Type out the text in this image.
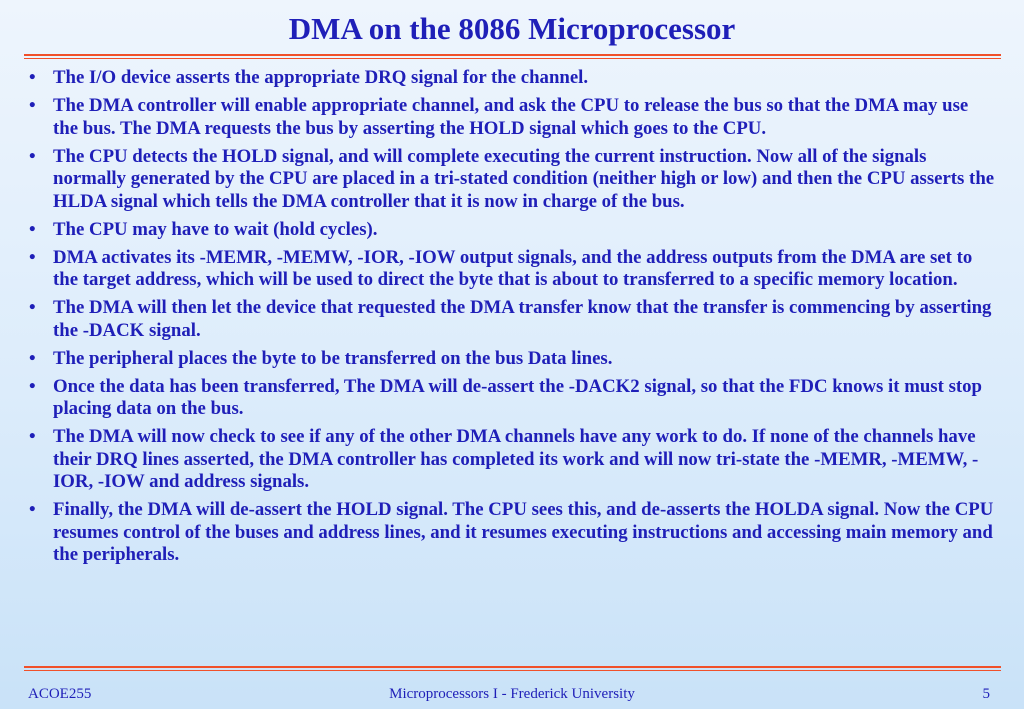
DMA on the 8086 Microprocessor
• The I/O device asserts the appropriate DRQ signal for the channel.
• The DMA controller will enable appropriate channel, and ask the CPU to release the bus so that the DMA may use the bus. The DMA requests the bus by asserting the HOLD signal which goes to the CPU.
• The CPU detects the HOLD signal, and will complete executing the current instruction. Now all of the signals normally generated by the CPU are placed in a tri-stated condition (neither high or low) and then the CPU asserts the HLDA signal which tells the DMA controller that it is now in charge of the bus.
• The CPU may have to wait (hold cycles).
• DMA activates its -MEMR, -MEMW, -IOR, -IOW output signals, and the address outputs from the DMA are set to the target address, which will be used to direct the byte that is about to transferred to a specific memory location.
• The DMA will then let the device that requested the DMA transfer know that the transfer is commencing by asserting the -DACK signal.
• The peripheral places the byte to be transferred on the bus Data lines.
• Once the data has been transferred, The DMA will de-assert the -DACK2 signal, so that the FDC knows it must stop placing data on the bus.
• The DMA will now check to see if any of the other DMA channels have any work to do. If none of the channels have their DRQ lines asserted, the DMA controller has completed its work and will now tri-state the -MEMR, -MEMW, -IOR, -IOW and address signals.
• Finally, the DMA will de-assert the HOLD signal. The CPU sees this, and de-asserts the HOLDA signal. Now the CPU resumes control of the buses and address lines, and it resumes executing instructions and accessing main memory and the peripherals.
ACOE255	Microprocessors I - Frederick University	5
